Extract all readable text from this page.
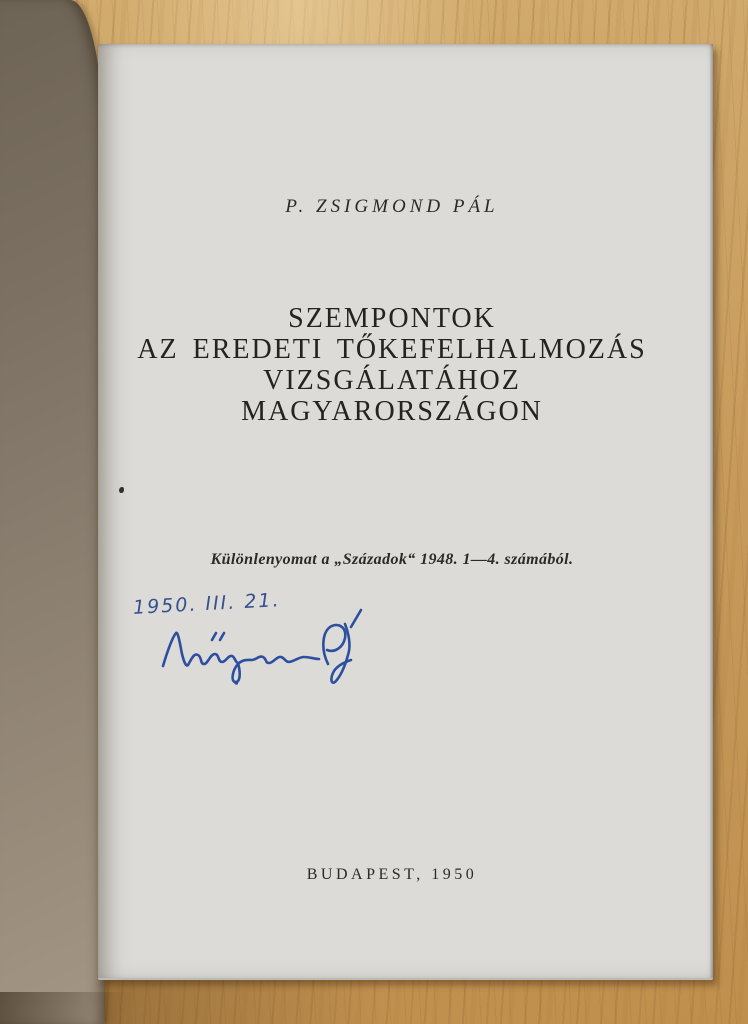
P. ZSIGMOND PÁL
SZEMPONTOK
AZ EREDETI TŐKEFELHALMOZÁS
VIZSGÁLATÁHOZ
MAGYARORSZÁGON
Különlenyomat a „Századok“ 1948. 1—4. számából.
BUDAPEST, 1950
1950. III. 21.
